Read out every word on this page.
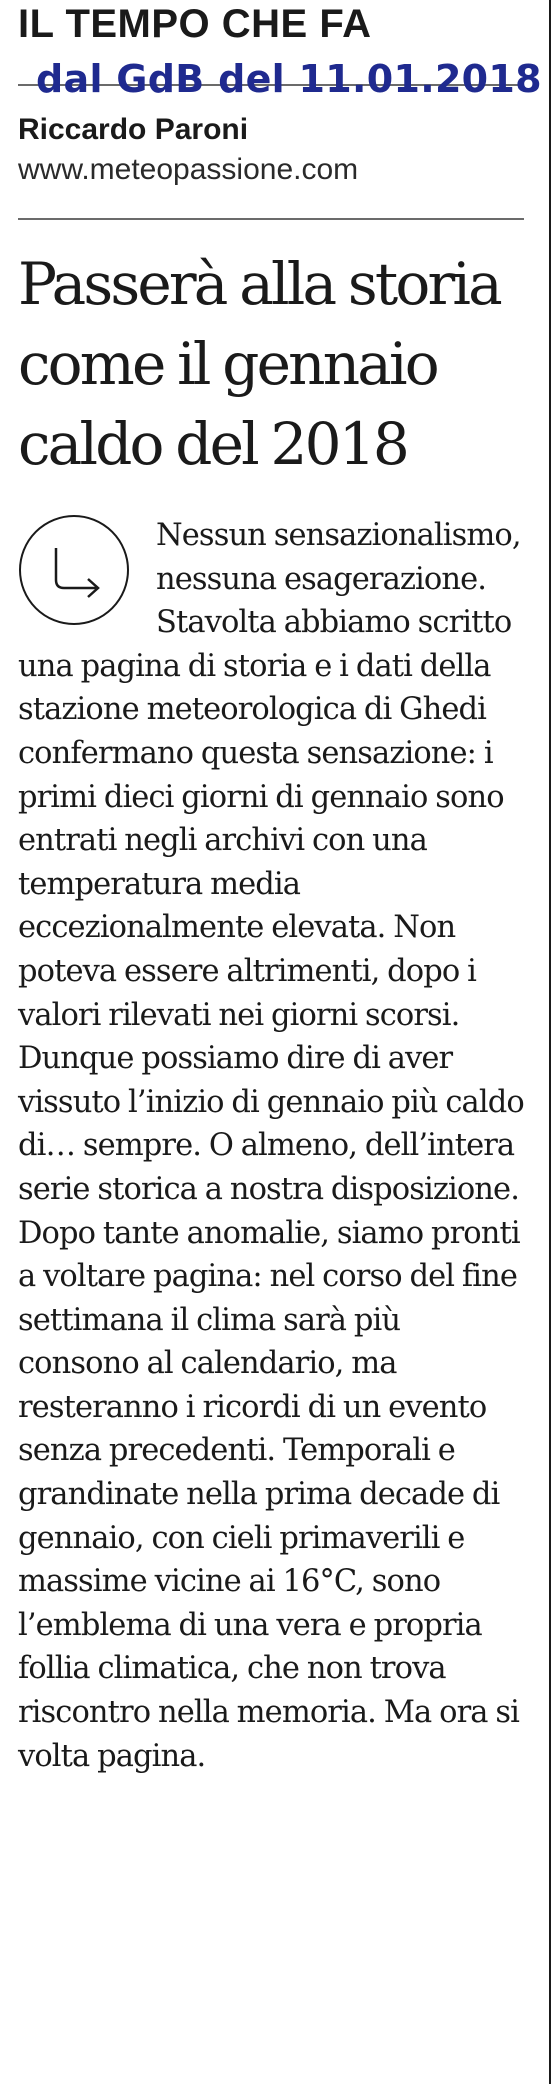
IL TEMPO CHE FA
dal GdB del 11.01.2018
Riccardo Paroni
www.meteopassione.com
Passerà alla storia come il gennaio caldo del 2018

Nessun sensazionalismo, nessuna esagerazione. Stavolta abbiamo scritto una pagina di storia e i dati della stazione meteorologica di Ghedi confermano questa sensazione: i primi dieci giorni di gennaio sono entrati negli archivi con una temperatura media eccezionalmente elevata. Non poteva essere altrimenti, dopo i valori rilevati nei giorni scorsi. Dunque possiamo dire di aver vissuto l’inizio di gennaio più caldo di… sempre. O almeno, dell’intera serie storica a nostra disposizione. Dopo tante anomalie, siamo pronti a voltare pagina: nel corso del fine settimana il clima sarà più consono al calendario, ma resteranno i ricordi di un evento senza precedenti. Temporali e grandinate nella prima decade di gennaio, con cieli primaverili e massime vicine ai 16°C, sono l’emblema di una vera e propria follia climatica, che non trova riscontro nella memoria. Ma ora si volta pagina.
